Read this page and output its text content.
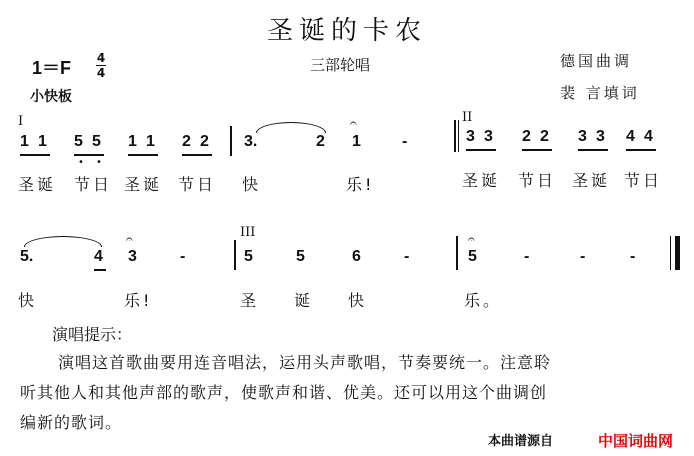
圣诞的卡农
1＝F 4
4	三部轮唱	德国曲调
小快板	裴 言填词
I	II
III
1 1 5 5 1 1 2 2 3.	2 1	-	3 3 2 2 3 3 4 4
• •
𝄐
圣诞 节日 圣诞 节日 快	乐!	圣诞 节日 圣诞 节日
5.	4 3	-	5	5	6	-	5	-	-	-
𝄐	𝄐
快	乐!	圣 诞 快	乐。
演唱提示：
演唱这首歌曲要用连音唱法，运用头声歌唱，节奏要统一。注意聆
听其他人和其他声部的歌声，使歌声和谐、优美。还可以用这个曲调创
编新的歌词。
本曲谱源自	中国词曲网
